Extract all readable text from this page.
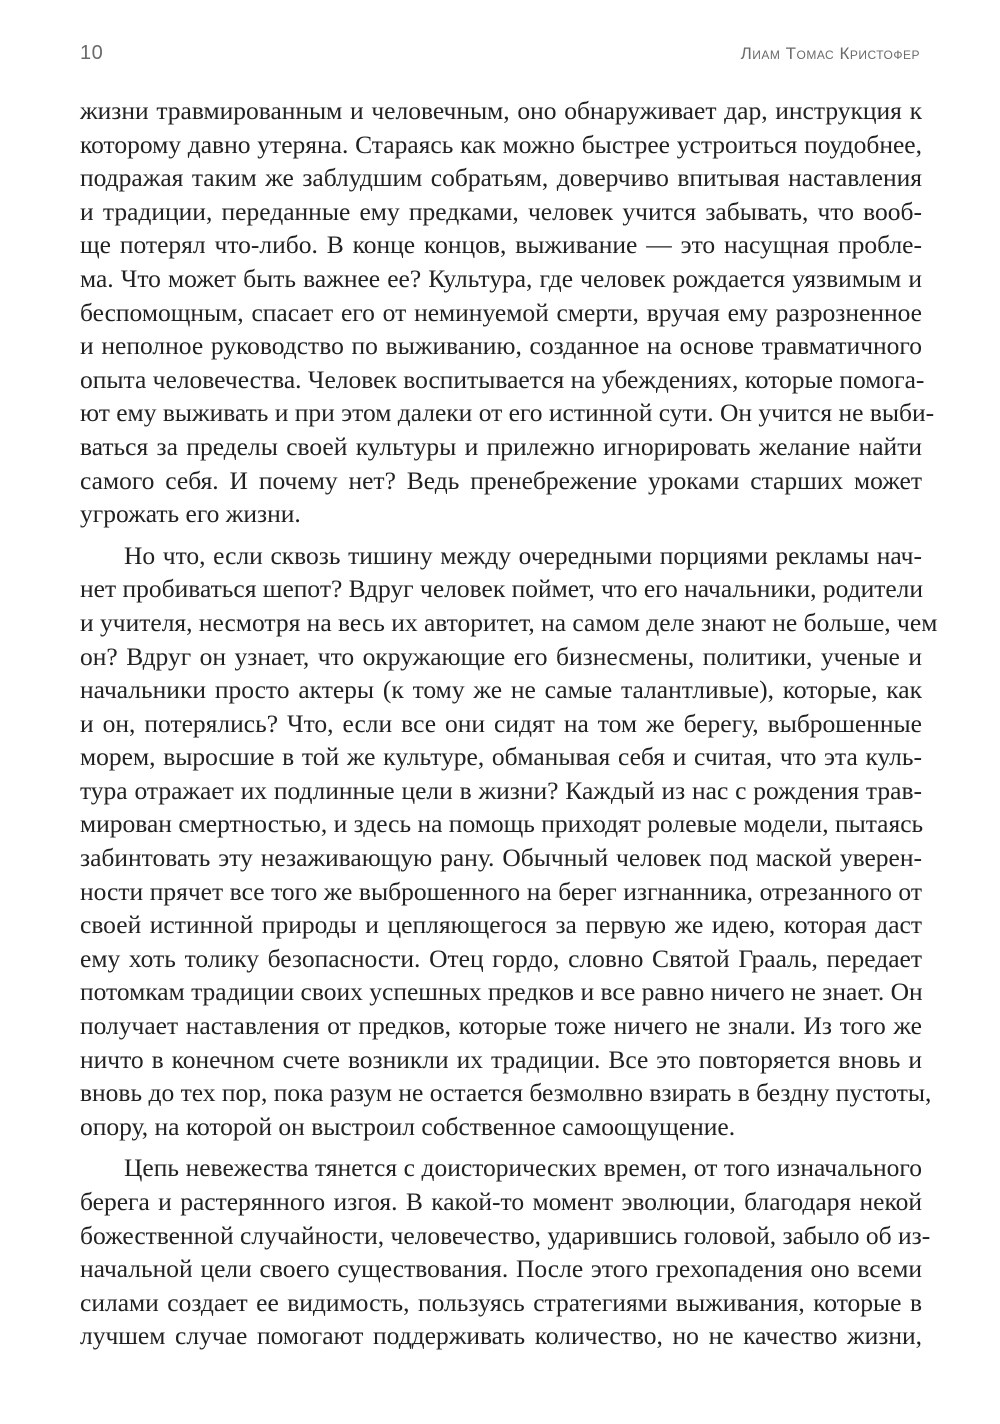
10	Лиам Томас Кристофер
жизни травмированным и человечным, оно обнаруживает дар, инструкция к
которому давно утеряна. Стараясь как можно быстрее устроиться поудобнее,
подражая таким же заблудшим собратьям, доверчиво впитывая наставления
и традиции, переданные ему предками, человек учится забывать, что вооб-
ще потерял что-либо. В конце концов, выживание — это насущная пробле-
ма. Что может быть важнее ее? Культура, где человек рождается уязвимым и
беспомощным, спасает его от неминуемой смерти, вручая ему разрозненное
и неполное руководство по выживанию, созданное на основе травматичного
опыта человечества. Человек воспитывается на убеждениях, которые помога-
ют ему выживать и при этом далеки от его истинной сути. Он учится не выби-
ваться за пределы своей культуры и прилежно игнорировать желание найти
самого себя. И почему нет? Ведь пренебрежение уроками старших может
угрожать его жизни.
Но что, если сквозь тишину между очередными порциями рекламы нач-
нет пробиваться шепот? Вдруг человек поймет, что его начальники, родители
и учителя, несмотря на весь их авторитет, на самом деле знают не больше, чем
он? Вдруг он узнает, что окружающие его бизнесмены, политики, ученые и
начальники просто актеры (к тому же не самые талантливые), которые, как
и он, потерялись? Что, если все они сидят на том же берегу, выброшенные
морем, выросшие в той же культуре, обманывая себя и считая, что эта куль-
тура отражает их подлинные цели в жизни? Каждый из нас с рождения трав-
мирован смертностью, и здесь на помощь приходят ролевые модели, пытаясь
забинтовать эту незаживающую рану. Обычный человек под маской уверен-
ности прячет все того же выброшенного на берег изгнанника, отрезанного от
своей истинной природы и цепляющегося за первую же идею, которая даст
ему хоть толику безопасности. Отец гордо, словно Святой Грааль, передает
потомкам традиции своих успешных предков и все равно ничего не знает. Он
получает наставления от предков, которые тоже ничего не знали. Из того же
ничто в конечном счете возникли их традиции. Все это повторяется вновь и
вновь до тех пор, пока разум не остается безмолвно взирать в бездну пустоты,
опору, на которой он выстроил собственное самоощущение.
Цепь невежества тянется с доисторических времен, от того изначального
берега и растерянного изгоя. В какой-то момент эволюции, благодаря некой
божественной случайности, человечество, ударившись головой, забыло об из-
начальной цели своего существования. После этого грехопадения оно всеми
силами создает ее видимость, пользуясь стратегиями выживания, которые в
лучшем случае помогают поддерживать количество, но не качество жизни,
